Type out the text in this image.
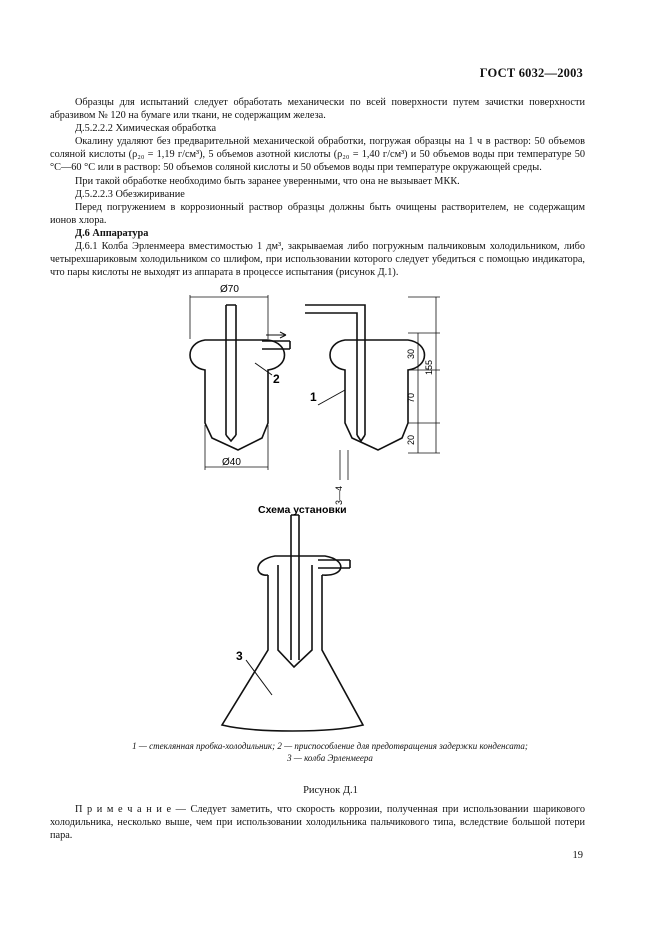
ГОСТ 6032—2003

Образцы для испытаний следует обработать механически по всей поверхности путем зачистки поверхности абразивом № 120 на бумаге или ткани, не содержащим железа.

Д.5.2.2.2 Химическая обработка

Окалину удаляют без предварительной механической обработки, погружая образцы на 1 ч в раствор: 50 объемов соляной кислоты (ρ₂₀ = 1,19 г/см³), 5 объемов азотной кислоты (ρ₂₀ = 1,40 г/см³) и 50 объемов воды при температуре 50 °С—60 °С или в раствор: 50 объемов соляной кислоты и 50 объемов воды при температуре окружающей среды.

При такой обработке необходимо быть заранее уверенными, что она не вызывает МКК.

Д.5.2.2.3 Обезжиривание

Перед погружением в коррозионный раствор образцы должны быть очищены растворителем, не содержащим ионов хлора.

Д.6 Аппаратура

Д.6.1 Колба Эрленмеера вместимостью 1 дм³, закрываемая либо погружным пальчиковым холодильником, либо четырехшариковым холодильником со шлифом, при использовании которого следует убедиться с помощью индикатора, что пары кислоты не выходят из аппарата в процессе испытания (рисунок Д.1).

Ø70
Ø40
2
1
30
70
20
155
3—4
Схема установки
3
1 — стеклянная пробка-холодильник; 2 — приспособление для предотвращения задержки конденсата;
3 — колба Эрленмеера
Рисунок Д.1
П р и м е ч а н и е — Следует заметить, что скорость коррозии, полученная при использовании шарикового холодильника, несколько выше, чем при использовании холодильника пальчикового типа, вследствие большой потери пара.
19
